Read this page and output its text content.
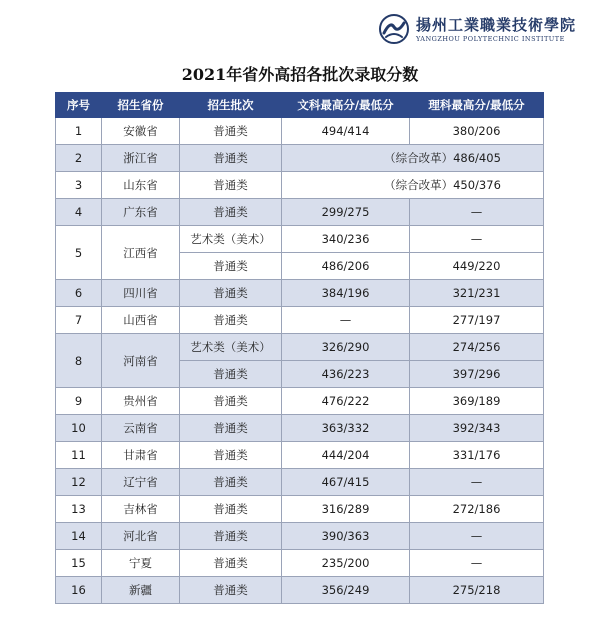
揚州工業職業技術學院
YANGZHOU POLYTECHNIC INSTITUTE
2021年省外高招各批次录取分数
序号	招生省份	招生批次	文科最高分/最低分	理科最高分/最低分
1	安徽省	普通类	494/414	380/206
2	浙江省	普通类	（综合改革）486/405	
3	山东省	普通类	（综合改革）450/376	
4	广东省	普通类	299/275	—
5	江西省	艺术类（美术）	340/236	—
		普通类	486/206	449/220
6	四川省	普通类	384/196	321/231
7	山西省	普通类	—	277/197
8	河南省	艺术类（美术）	326/290	274/256
		普通类	436/223	397/296
9	贵州省	普通类	476/222	369/189
10	云南省	普通类	363/332	392/343
11	甘肃省	普通类	444/204	331/176
12	辽宁省	普通类	467/415	—
13	吉林省	普通类	316/289	272/186
14	河北省	普通类	390/363	—
15	宁夏	普通类	235/200	—
16	新疆	普通类	356/249	275/218
